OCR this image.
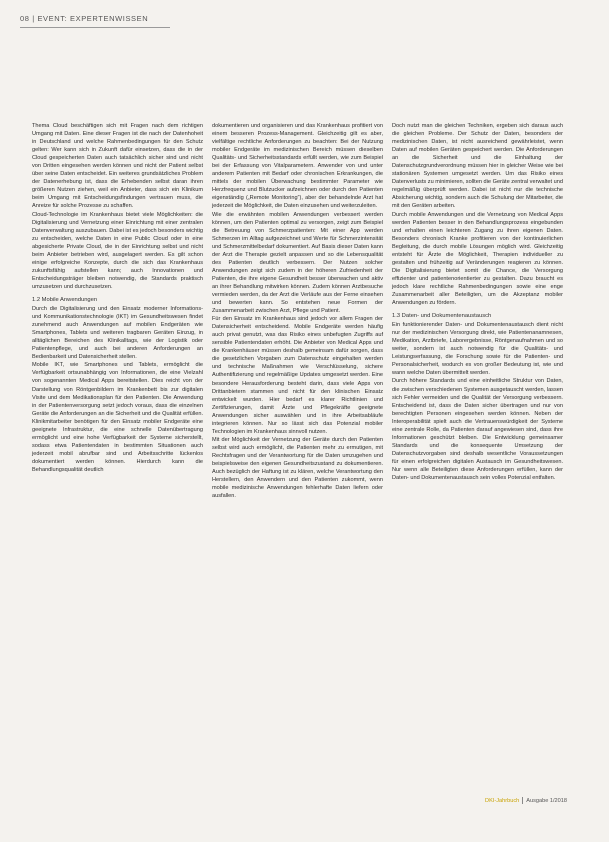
08 | EVENT: EXPERTENWISSEN

Thema Cloud beschäftigen sich mit Fragen nach dem richtigen Umgang mit Daten. Eine dieser Fragen ist die nach der Datenhoheit in Deutschland und welche Rahmenbedingungen für den Schutz gelten: Wer kann sich in Zukunft dafür einsetzen, dass die in der Cloud gespeicherten Daten auch tatsächlich sicher sind und nicht von Dritten eingesehen werden können und nicht der Patient selbst über seine Daten entscheidet. Ein weiteres grundsätzliches Problem der Datenerhebung ist, dass die Erhebenden selbst daran ihren größeren Nutzen ziehen, weil ein Anbieter, dass sich ein Klinikum beim Umgang mit Entscheidungsfindungen vertrauen muss, die Anreize für solche Prozesse zu schaffen.

Cloud-Technologie im Krankenhaus bietet viele Möglichkeiten: die Digitalisierung und Vernetzung einer Einrichtung mit einer zentralen Datenverwaltung auszubauen. Dabei ist es jedoch besonders wichtig zu entscheiden, welche Daten in eine Public Cloud oder in eine abgesicherte Private Cloud, die in der Einrichtung selbst und nicht beim Anbieter betrieben wird, ausgelagert werden. Es gilt schon einige erfolgreiche Konzepte, durch die sich das Krankenhaus zukunftsfähig aufstellen kann; auch Innovationen und Entscheidungsträger bleiben notwendig, die Standards praktisch umzusetzen und durchzusetzen.

1.2 Mobile Anwendungen

Durch die Digitalisierung und den Einsatz moderner Informations- und Kommunikationstechnologie (IKT) im Gesundheitswesen findet zunehmend auch Anwendungen auf mobilen Endgeräten wie Smartphones, Tablets und weiteren tragbaren Geräten Einzug, in alltäglichen Bereichen des Klinikalltags, wie der Logistik oder Patientenpflege, und auch bei anderen Anforderungen an Bedienbarkeit und Datensicherheit stellen.

Mobile IKT, wie Smartphones und Tablets, ermöglicht die Verfügbarkeit ortsunabhängig von Informationen, die eine Vielzahl von sogenannten Medical Apps bereitstellen. Dies reicht von der Darstellung von Röntgenbildern im Krankenbett bis zur digitalen Visite und dem Medikationsplan für den Patienten. Die Anwendung in der Patientenversorgung setzt jedoch voraus, dass die einzelnen Geräte die Anforderungen an die Sicherheit und die Qualität erfüllen. Klinikmitarbeiter benötigen für den Einsatz mobiler Endgeräte eine geeignete Infrastruktur, die eine schnelle Datenübertragung ermöglicht und eine hohe Verfügbarkeit der Systeme sicherstellt, sodass etwa Patientendaten in bestimmten Situationen auch jederzeit mobil abrufbar sind und Arbeitsschritte lückenlos dokumentiert werden können. Hierdurch kann die Behandlungsqualität deutlich

dokumentieren und organisieren und das Krankenhaus profitiert von einem besseren Prozess-Management. Gleichzeitig gilt es aber, vielfältige rechtliche Anforderungen zu beachten: Bei der Nutzung mobiler Endgeräte im medizinischen Bereich müssen dieselben Qualitäts- und Sicherheitsstandards erfüllt werden, wie zum Beispiel bei der Erfassung von Vitalparametern. Anwender von und unter anderem Patienten mit Bedarf oder chronischen Erkrankungen, die mittels der mobilen Überwachung bestimmter Parameter wie Herzfrequenz und Blutzucker aufzeichnen oder durch den Patienten eigenständig („Remote Monitoring“), aber der behandelnde Arzt hat jederzeit die Möglichkeit, die Daten einzusehen und weiterzuleiten.

Wie die erwähnten mobilen Anwendungen verbessert werden können, um den Patienten optimal zu versorgen, zeigt zum Beispiel die Betreuung von Schmerzpatienten: Mit einer App werden Schmerzen im Alltag aufgezeichnet und Werte für Schmerzintensität und Schmerzmittelbedarf dokumentiert. Auf Basis dieser Daten kann der Arzt die Therapie gezielt anpassen und so die Lebensqualität des Patienten deutlich verbessern. Der Nutzen solcher Anwendungen zeigt sich zudem in der höheren Zufriedenheit der Patienten, die ihre eigene Gesundheit besser überwachen und aktiv an ihrer Behandlung mitwirken können. Zudem können Arztbesuche vermieden werden, da der Arzt die Verläufe aus der Ferne einsehen und bewerten kann. So entstehen neue Formen der Zusammenarbeit zwischen Arzt, Pflege und Patient.

Für den Einsatz im Krankenhaus sind jedoch vor allem Fragen der Datensicherheit entscheidend. Mobile Endgeräte werden häufig auch privat genutzt, was das Risiko eines unbefugten Zugriffs auf sensible Patientendaten erhöht. Die Anbieter von Medical Apps und die Krankenhäuser müssen deshalb gemeinsam dafür sorgen, dass die gesetzlichen Vorgaben zum Datenschutz eingehalten werden und technische Maßnahmen wie Verschlüsselung, sichere Authentifizierung und regelmäßige Updates umgesetzt werden. Eine besondere Herausforderung besteht darin, dass viele Apps von Drittanbietern stammen und nicht für den klinischen Einsatz entwickelt wurden. Hier bedarf es klarer Richtlinien und Zertifizierungen, damit Ärzte und Pflegekräfte geeignete Anwendungen sicher auswählen und in ihre Arbeitsabläufe integrieren können. Nur so lässt sich das Potenzial mobiler Technologien im Krankenhaus sinnvoll nutzen.

Mit der Möglichkeit der Vernetzung der Geräte durch den Patienten selbst wird auch ermöglicht, die Patienten mehr zu ermutigen, mit Rechtsfragen und der Verantwortung für die Daten umzugehen und beispielsweise den eigenen Gesundheitszustand zu dokumentieren. Auch bezüglich der Haftung ist zu klären, welche Verantwortung den Herstellern, den Anwendern und den Patienten zukommt, wenn mobile medizinische Anwendungen fehlerhafte Daten liefern oder ausfallen.

Doch nutzt man die gleichen Techniken, ergeben sich daraus auch die gleichen Probleme. Der Schutz der Daten, besonders der medizinischen Daten, ist nicht ausreichend gewährleistet, wenn Daten auf mobilen Geräten gespeichert werden. Die Anforderungen an die Sicherheit und die Einhaltung der Datenschutzgrundverordnung müssen hier in gleicher Weise wie bei stationären Systemen umgesetzt werden. Um das Risiko eines Datenverlusts zu minimieren, sollten die Geräte zentral verwaltet und regelmäßig überprüft werden. Dabei ist nicht nur die technische Absicherung wichtig, sondern auch die Schulung der Mitarbeiter, die mit den Geräten arbeiten.

Durch mobile Anwendungen und die Vernetzung von Medical Apps werden Patienten besser in den Behandlungsprozess eingebunden und erhalten einen leichteren Zugang zu ihren eigenen Daten. Besonders chronisch Kranke profitieren von der kontinuierlichen Begleitung, die durch mobile Lösungen möglich wird. Gleichzeitig entsteht für Ärzte die Möglichkeit, Therapien individueller zu gestalten und frühzeitig auf Veränderungen reagieren zu können. Die Digitalisierung bietet somit die Chance, die Versorgung effizienter und patientenorientierter zu gestalten. Dazu braucht es jedoch klare rechtliche Rahmenbedingungen sowie eine enge Zusammenarbeit aller Beteiligten, um die Akzeptanz mobiler Anwendungen zu fördern.

1.3 Daten- und Dokumentenaustausch

Ein funktionierender Daten- und Dokumentenaustausch dient nicht nur der medizinischen Versorgung direkt, wie Patientenanamnesen, Medikation, Arztbriefe, Laborergebnisse, Röntgenaufnahmen und so weiter, sondern ist auch notwendig für die Qualitäts- und Leistungserfassung, die Forschung sowie für die Patienten- und Personalsicherheit, wodurch es von großer Bedeutung ist, wie und wann welche Daten übermittelt werden.

Durch höhere Standards und eine einheitliche Struktur von Daten, die zwischen verschiedenen Systemen ausgetauscht werden, lassen sich Fehler vermeiden und die Qualität der Versorgung verbessern. Entscheidend ist, dass die Daten sicher übertragen und nur von berechtigten Personen eingesehen werden können. Neben der Interoperabilität spielt auch die Vertrauenswürdigkeit der Systeme eine zentrale Rolle, da Patienten darauf angewiesen sind, dass ihre Informationen geschützt bleiben. Die Entwicklung gemeinsamer Standards und die konsequente Umsetzung der Datenschutzvorgaben sind deshalb wesentliche Voraussetzungen für einen erfolgreichen digitalen Austausch im Gesundheitswesen. Nur wenn alle Beteiligten diese Anforderungen erfüllen, kann der Daten- und Dokumentenaustausch sein volles Potenzial entfalten.

DKI-Jahrbuch Ausgabe 1/2018
